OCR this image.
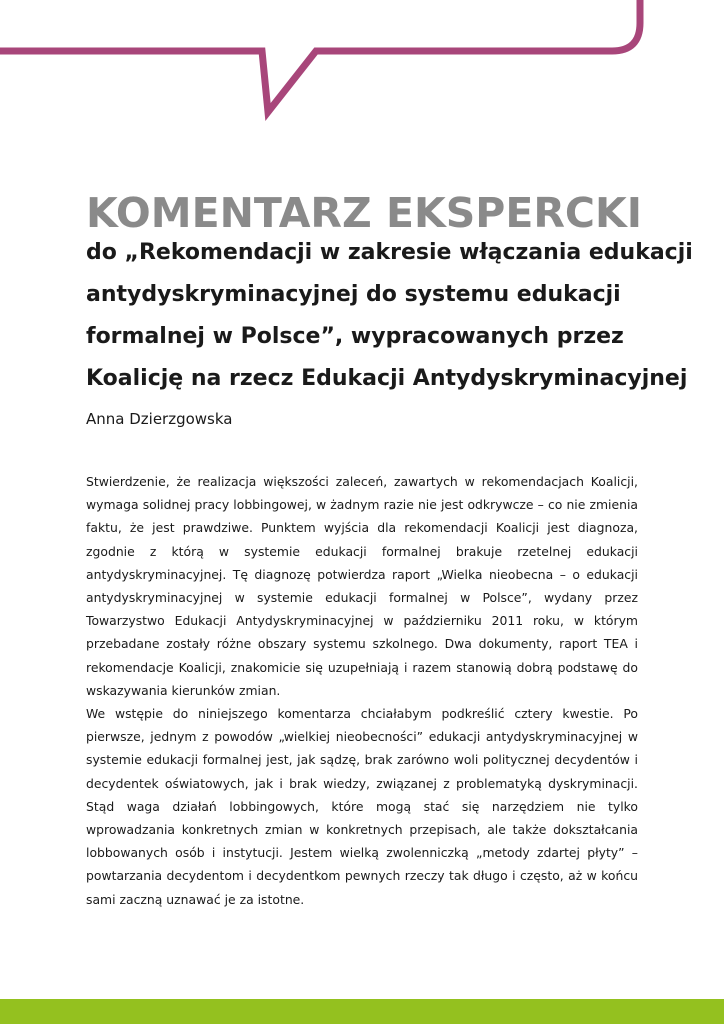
KOMENTARZ EKSPERCKI
do „Rekomendacji w zakresie włączania edukacji
antydyskryminacyjnej do systemu edukacji
formalnej w Polsce”, wypracowanych przez
Koalicję na rzecz Edukacji Antydyskryminacyjnej
Anna Dzierzgowska

Stwierdzenie, że realizacja większości zaleceń, zawartych w rekomendacjach Koalicji, wymaga solidnej pracy lobbingowej, w żadnym razie nie jest odkrywcze – co nie zmienia faktu, że jest prawdziwe. Punktem wyjścia dla rekomendacji Koalicji jest diagnoza, zgodnie z którą w systemie edukacji formalnej brakuje rzetelnej edukacji antydyskryminacyjnej. Tę diagnozę potwierdza raport „Wielka nieobecna – o edukacji antydyskryminacyjnej w systemie edukacji formalnej w Polsce”, wydany przez Towarzystwo Edukacji Antydyskryminacyjnej w październiku 2011 roku, w którym przebadane zostały różne obszary systemu szkolnego. Dwa dokumenty, raport TEA i rekomendacje Koalicji, znakomicie się uzupełniają i razem stanowią dobrą podstawę do wskazywania kierunków zmian.

We wstępie do niniejszego komentarza chciałabym podkreślić cztery kwestie. Po pierwsze, jednym z powodów „wielkiej nieobecności” edukacji antydyskryminacyjnej w systemie edukacji formalnej jest, jak sądzę, brak zarówno woli politycznej decydentów i decydentek oświatowych, jak i brak wiedzy, związanej z problematyką dyskryminacji. Stąd waga działań lobbingowych, które mogą stać się narzędziem nie tylko wprowadzania konkretnych zmian w konkretnych przepisach, ale także dokształcania lobbowanych osób i instytucji. Jestem wielką zwolenniczką „metody zdartej płyty” – powtarzania decydentom i decydentkom pewnych rzeczy tak długo i często, aż w końcu sami zaczną uznawać je za istotne.
